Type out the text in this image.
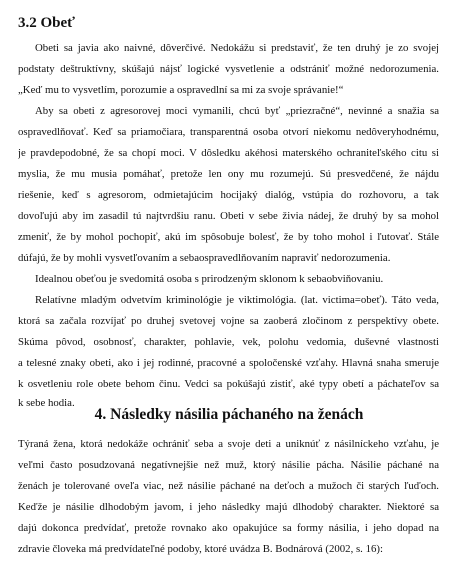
3.2 Obeť
Obeti sa javia ako naivné, dôverčivé. Nedokážu si predstaviť, že ten druhý je zo svojej
podstaty deštruktívny, skúšajú nájsť logické vysvetlenie a odstrániť možné nedorozumenia.
„Keď mu to vysvetlím, porozumie a ospravedlní sa mi za svoje správanie!“
Aby sa obeti z agresorovej moci vymanili, chcú byť „priezračné“, nevinné a snažia sa
ospravedlňovať. Keď sa priamočiara, transparentná osoba otvorí niekomu nedôveryhodnému,
je pravdepodobné, že sa chopí moci. V dôsledku akéhosi materského ochraniteľského citu si
myslia, že mu musia pomáhať, pretože len ony mu rozumejú. Sú presvedčené, že nájdu
riešenie, keď s agresorom, odmietajúcim hocijaký dialóg, vstúpia do rozhovoru, a tak
dovoľujú aby im zasadil tú najtvrdšiu ranu. Obeti v sebe živia nádej, že druhý by sa mohol
zmeniť, že by mohol pochopiť, akú im spôsobuje bolesť, že by toho mohol i ľutovať. Stále
dúfajú, že by mohli vysvetľovaním a sebaospravedlňovaním napraviť nedorozumenia.
Idealnou obeťou je svedomitá osoba s prirodzeným sklonom k sebaobviňovaniu.
Relatívne mladým odvetvím kriminológie je viktimológia. (lat. victima=obeť). Táto veda,
ktorá sa začala rozvíjať po druhej svetovej vojne sa zaoberá zločinom z perspektívy obete.
Skúma pôvod, osobnosť, charakter, pohlavie, vek, polohu vedomia, duševné vlastnosti
a telesné znaky obeti, ako i jej rodinné, pracovné a spoločenské vzťahy. Hlavná snaha smeruje
k osvetleniu role obete behom činu. Vedci sa pokúšajú zistiť, aké typy obetí a páchateľov sa
k sebe hodia.
4. Následky násilia páchaného na ženách
Týraná žena, ktorá nedokáže ochrániť seba a svoje deti a uniknúť z násilníckeho vzťahu, je
veľmi často posudzovaná negatívnejšie než muž, ktorý násilie pácha. Násilie páchané na
ženách je tolerované oveľa viac, než násilie páchané na deťoch a mužoch či starých ľuďoch.
Keďže je násilie dlhodobým javom, i jeho následky majú dlhodobý charakter. Niektoré sa
dajú dokonca predvídať, pretože rovnako ako opakujúce sa formy násilia, i jeho dopad na
zdravie človeka má predvídateľné podoby, ktoré uvádza B. Bodnárová (2002, s. 16):
